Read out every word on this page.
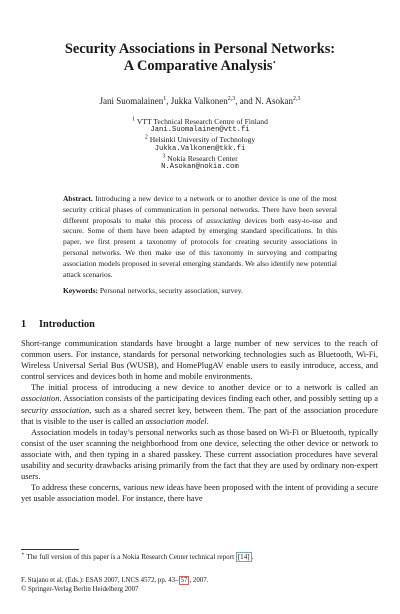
Security Associations in Personal Networks:
A Comparative Analysis⋆
Jani Suomalainen$^1$, Jukka Valkonen$^{2,3}$, and N. Asokan$^{2,3}$
$^1$ VTT Technical Research Centre of Finland
Jani.Suomalainen@vtt.fi
$^2$ Helsinki University of Technology
Jukka.Valkonen@tkk.fi
$^3$ Nokia Research Center
N.Asokan@nokia.com

Abstract. Introducing a new device to a network or to another device is one of the most security critical phases of communication in personal networks. There have been several different proposals to make this process of associating devices both easy-to-use and secure. Some of them have been adapted by emerging standard specifications. In this paper, we first present a taxonomy of protocols for creating security associations in personal networks. We then make use of this taxonomy in surveying and comparing association models proposed in several emerging standards. We also identify new potential attack scenarios.

Keywords: Personal networks, security association, survey.

1 Introduction

Short-range communication standards have brought a large number of new services to the reach of common users. For instance, standards for personal networking technologies such as Bluetooth, Wi-Fi, Wireless Universal Serial Bus (WUSB), and HomePlugAV enable users to easily introduce, access, and control services and devices both in home and mobile environments.

The initial process of introducing a new device to another device or to a network is called an association. Association consists of the participating devices finding each other, and possibly setting up a security association, such as a shared secret key, between them. The part of the association procedure that is visible to the user is called an association model.

Association models in today’s personal networks such as those based on Wi-Fi or Bluetooth, typically consist of the user scanning the neighborhood from one device, selecting the other device or network to associate with, and then typing in a shared passkey. These current association procedures have several usability and security drawbacks arising primarily from the fact that they are used by ordinary non-expert users.

To address these concerns, various new ideas have been proposed with the intent of providing a secure yet usable association model. For instance, there have

⋆ The full version of this paper is a Nokia Research Center technical report [14] .
F. Stajano et al. (Eds.): ESAS 2007, LNCS 4572, pp. 43– 57 , 2007.
© Springer-Verlag Berlin Heidelberg 2007
